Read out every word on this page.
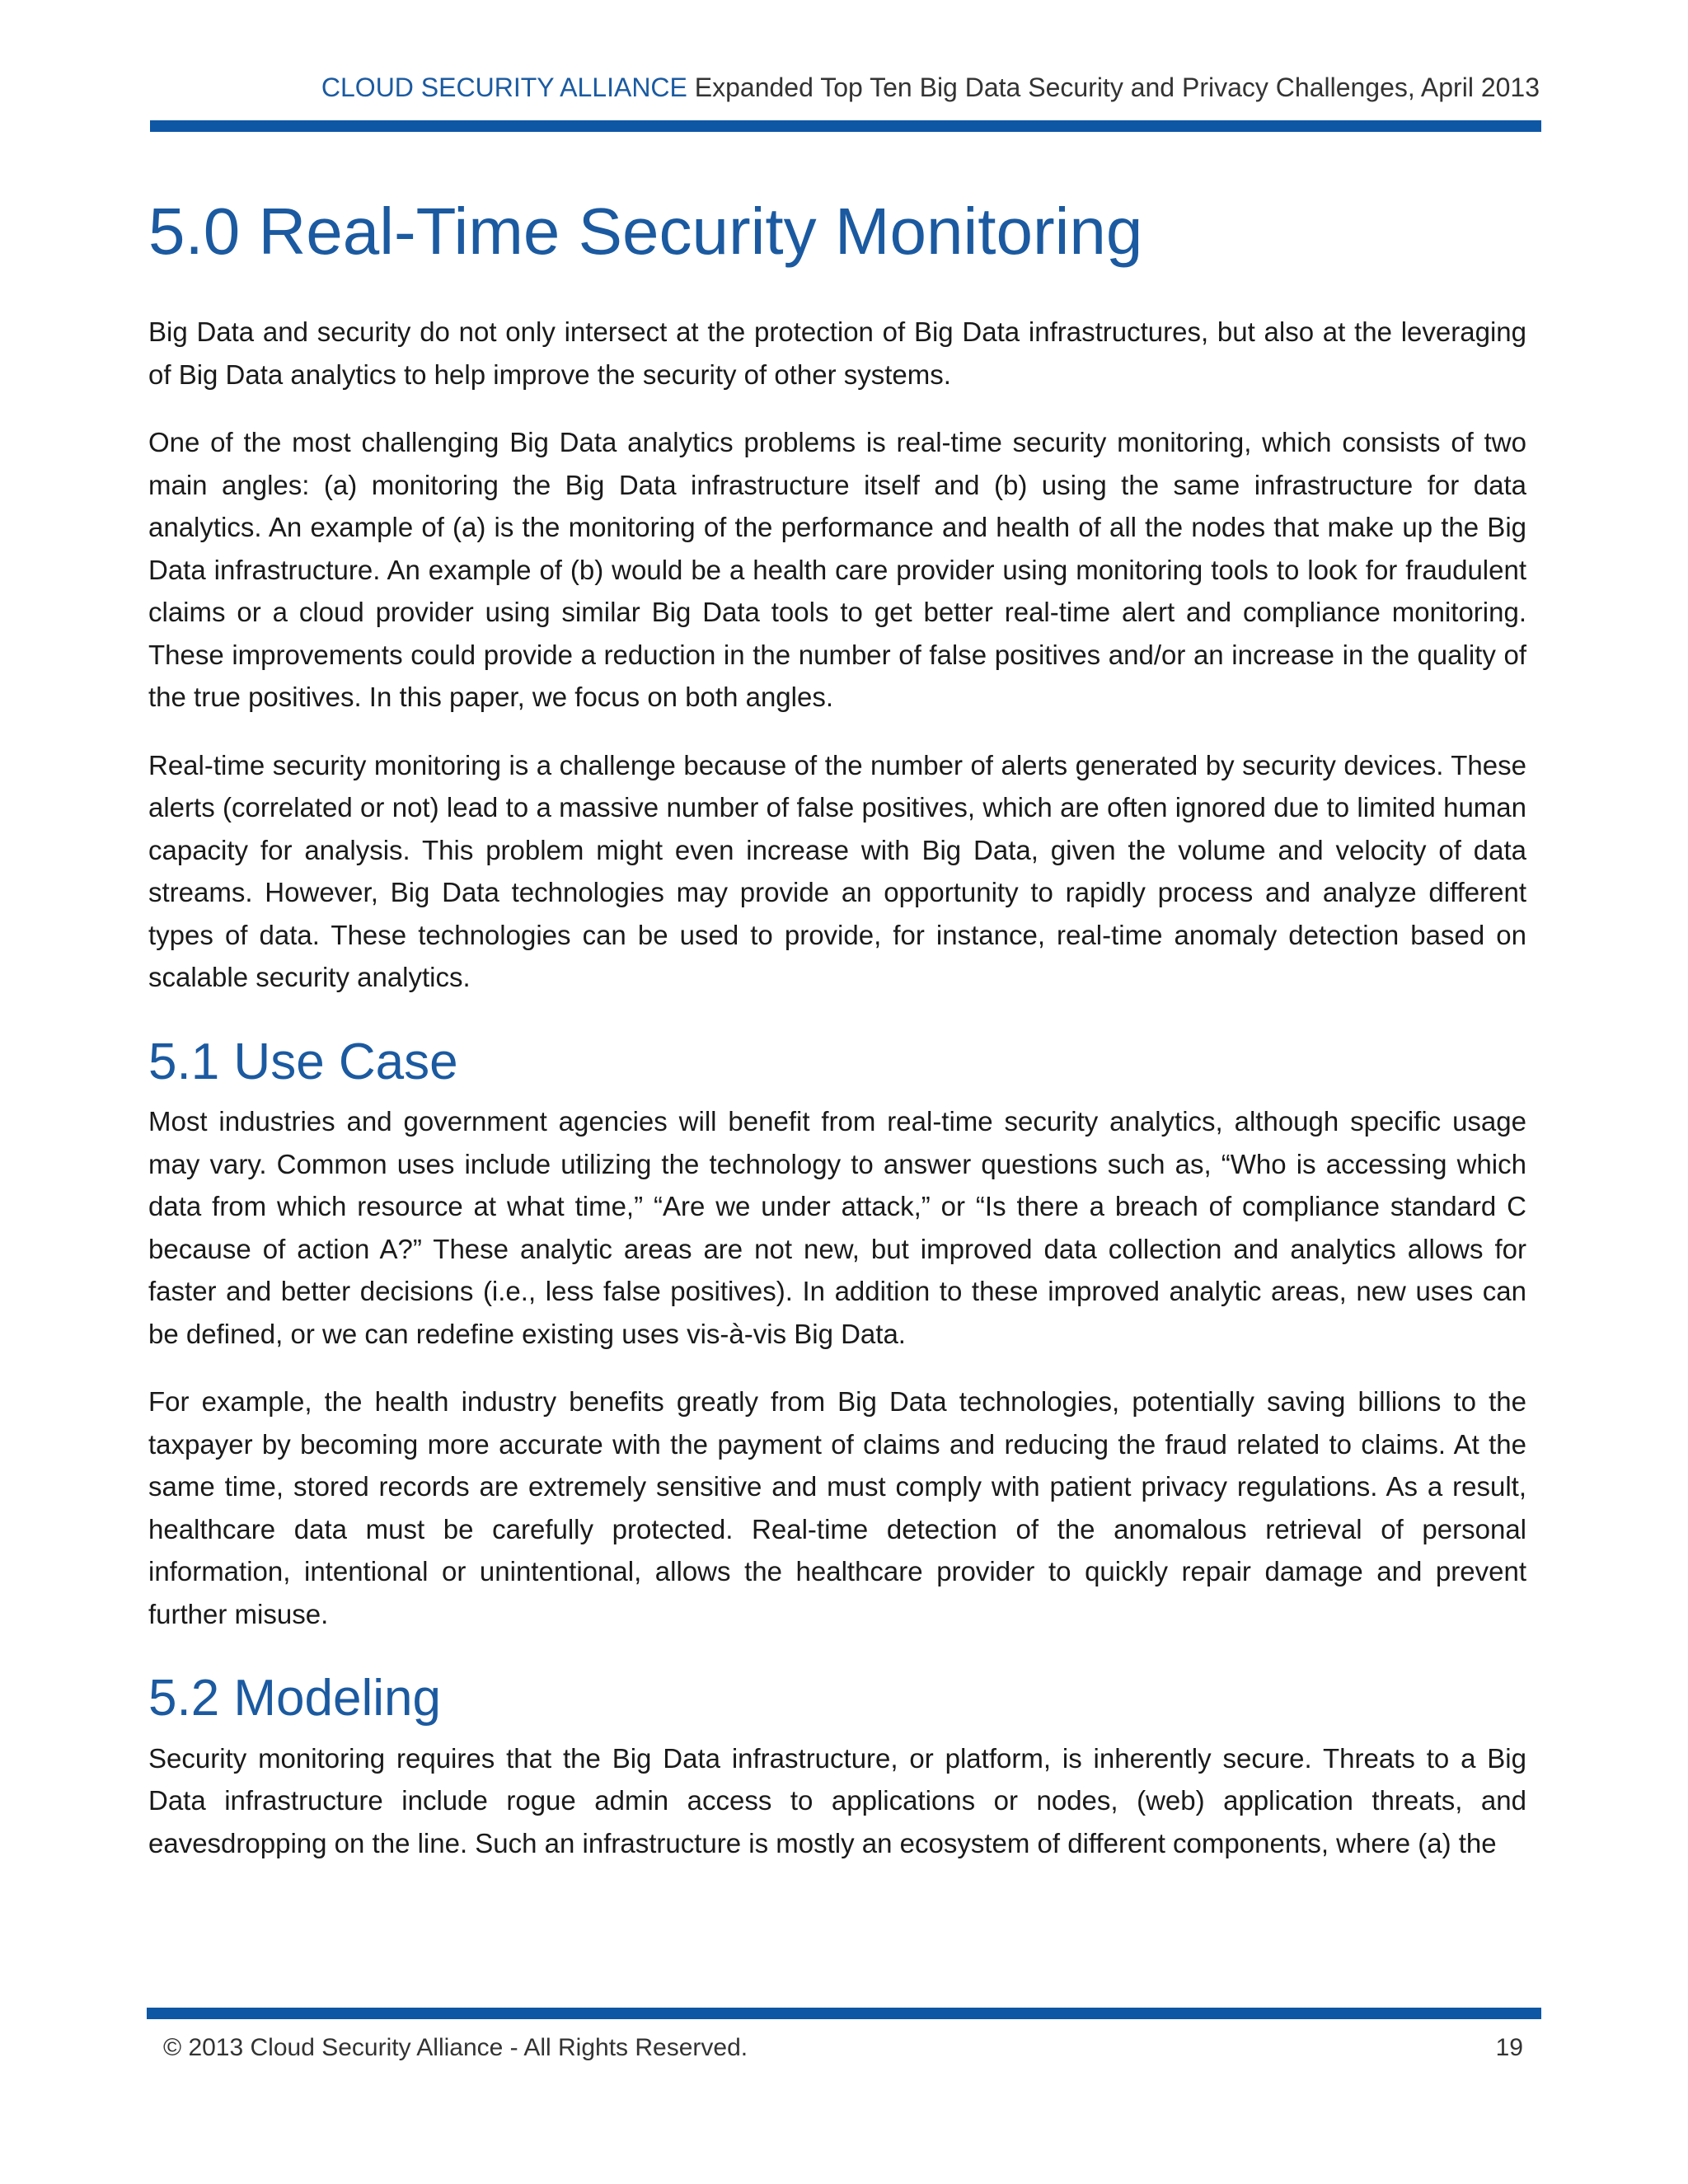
CLOUD SECURITY ALLIANCE Expanded Top Ten Big Data Security and Privacy Challenges, April 2013
5.0 Real-Time Security Monitoring

Big Data and security do not only intersect at the protection of Big Data infrastructures, but also at the leveraging of Big Data analytics to help improve the security of other systems.

One of the most challenging Big Data analytics problems is real-time security monitoring, which consists of two main angles: (a) monitoring the Big Data infrastructure itself and (b) using the same infrastructure for data analytics. An example of (a) is the monitoring of the performance and health of all the nodes that make up the Big Data infrastructure. An example of (b) would be a health care provider using monitoring tools to look for fraudulent claims or a cloud provider using similar Big Data tools to get better real-time alert and compliance monitoring. These improvements could provide a reduction in the number of false positives and/or an increase in the quality of the true positives. In this paper, we focus on both angles.

Real-time security monitoring is a challenge because of the number of alerts generated by security devices. These alerts (correlated or not) lead to a massive number of false positives, which are often ignored due to limited human capacity for analysis. This problem might even increase with Big Data, given the volume and velocity of data streams. However, Big Data technologies may provide an opportunity to rapidly process and analyze different types of data. These technologies can be used to provide, for instance, real-time anomaly detection based on scalable security analytics.

5.1 Use Case

Most industries and government agencies will benefit from real-time security analytics, although specific usage may vary. Common uses include utilizing the technology to answer questions such as, “Who is accessing which data from which resource at what time,” “Are we under attack,” or “Is there a breach of compliance standard C because of action A?” These analytic areas are not new, but improved data collection and analytics allows for faster and better decisions (i.e., less false positives). In addition to these improved analytic areas, new uses can be defined, or we can redefine existing uses vis-à-vis Big Data.

For example, the health industry benefits greatly from Big Data technologies, potentially saving billions to the taxpayer by becoming more accurate with the payment of claims and reducing the fraud related to claims. At the same time, stored records are extremely sensitive and must comply with patient privacy regulations. As a result, healthcare data must be carefully protected. Real-time detection of the anomalous retrieval of personal information, intentional or unintentional, allows the healthcare provider to quickly repair damage and prevent further misuse.

5.2 Modeling

Security monitoring requires that the Big Data infrastructure, or platform, is inherently secure. Threats to a Big Data infrastructure include rogue admin access to applications or nodes, (web) application threats, and eavesdropping on the line. Such an infrastructure is mostly an ecosystem of different components, where (a) the

© 2013 Cloud Security Alliance - All Rights Reserved.	19
